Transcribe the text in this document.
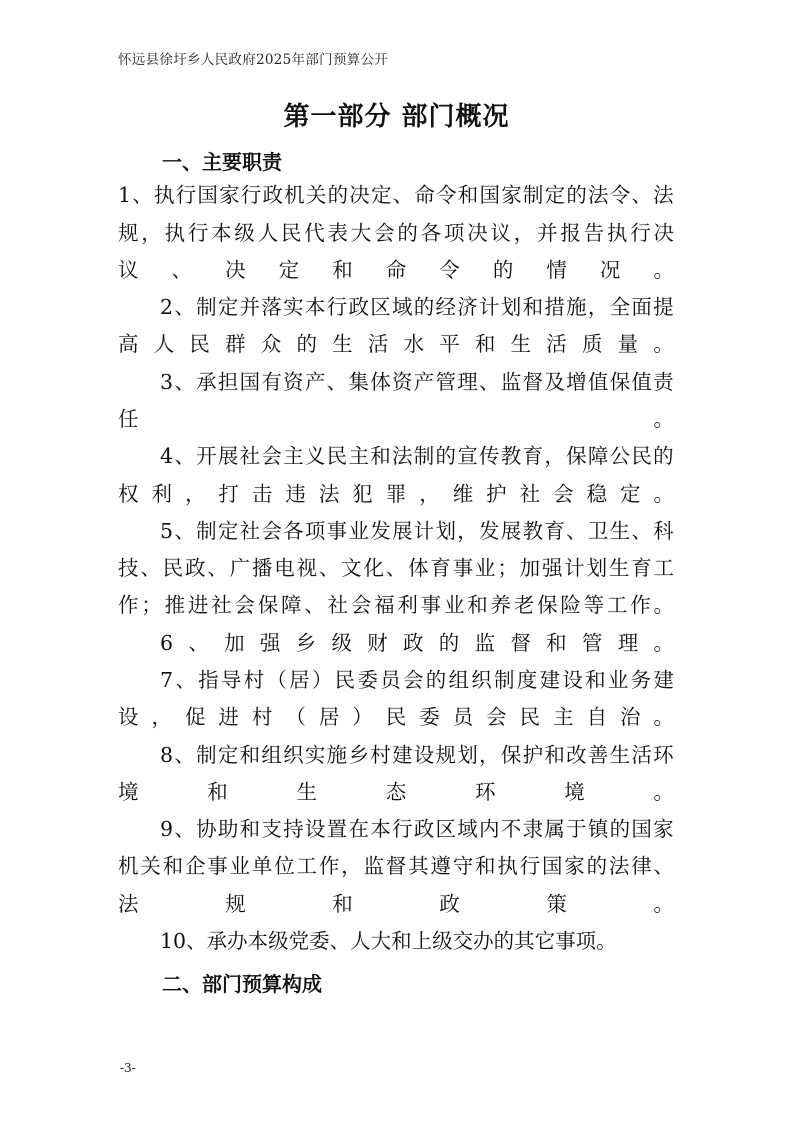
怀远县徐圩乡人民政府2025年部门预算公开
第一部分 部门概况
一、主要职责
1 、 执 行 国 家 行 政 机 关 的 决 定 、 命 令 和 国 家 制 定 的 法 令 、 法
规 ， 执 行 本 级 人 民 代 表 大 会 的 各 项 决 议 ， 并 报 告 执 行 决
议 、 决 定 和 命 令 的 情 况 。
2 、 制 定 并 落 实 本 行 政 区 域 的 经 济 计 划 和 措 施 ， 全 面 提
高 人 民 群 众 的 生 活 水 平 和 生 活 质 量 。
3 、 承 担 国 有 资 产 、 集 体 资 产 管 理 、 监 督 及 增 值 保 值 责
任	。
4 、 开 展 社 会 主 义 民 主 和 法 制 的 宣 传 教 育 ， 保 障 公 民 的
权 利 ， 打 击 违 法 犯 罪 ， 维 护 社 会 稳 定 。
5 、 制 定 社 会 各 项 事 业 发 展 计 划 ， 发 展 教 育 、 卫 生 、 科
技 、 民 政 、 广 播 电 视 、 文 化 、 体 育 事 业 ； 加 强 计 划 生 育 工
作 ； 推 进 社 会 保 障 、 社 会 福 利 事 业 和 养 老 保 险 等 工 作 。
6 、 加 强 乡 级 财 政 的 监 督 和 管 理 。
7 、 指 导 村 （ 居 ） 民 委 员 会 的 组 织 制 度 建 设 和 业 务 建
设 ， 促 进 村 （ 居 ） 民 委 员 会 民 主 自 治 。
8 、 制 定 和 组 织 实 施 乡 村 建 设 规 划 ， 保 护 和 改 善 生 活 环
境	和	生	态	环	境	。
9 、 协 助 和 支 持 设 置 在 本 行 政 区 域 内 不 隶 属 于 镇 的 国 家
机 关 和 企 事 业 单 位 工 作 ， 监 督 其 遵 守 和 执 行 国 家 的 法 律 、
法	规	和	政	策	。
10、承办本级党委、人大和上级交办的其它事项。
二、部门预算构成
-3-
